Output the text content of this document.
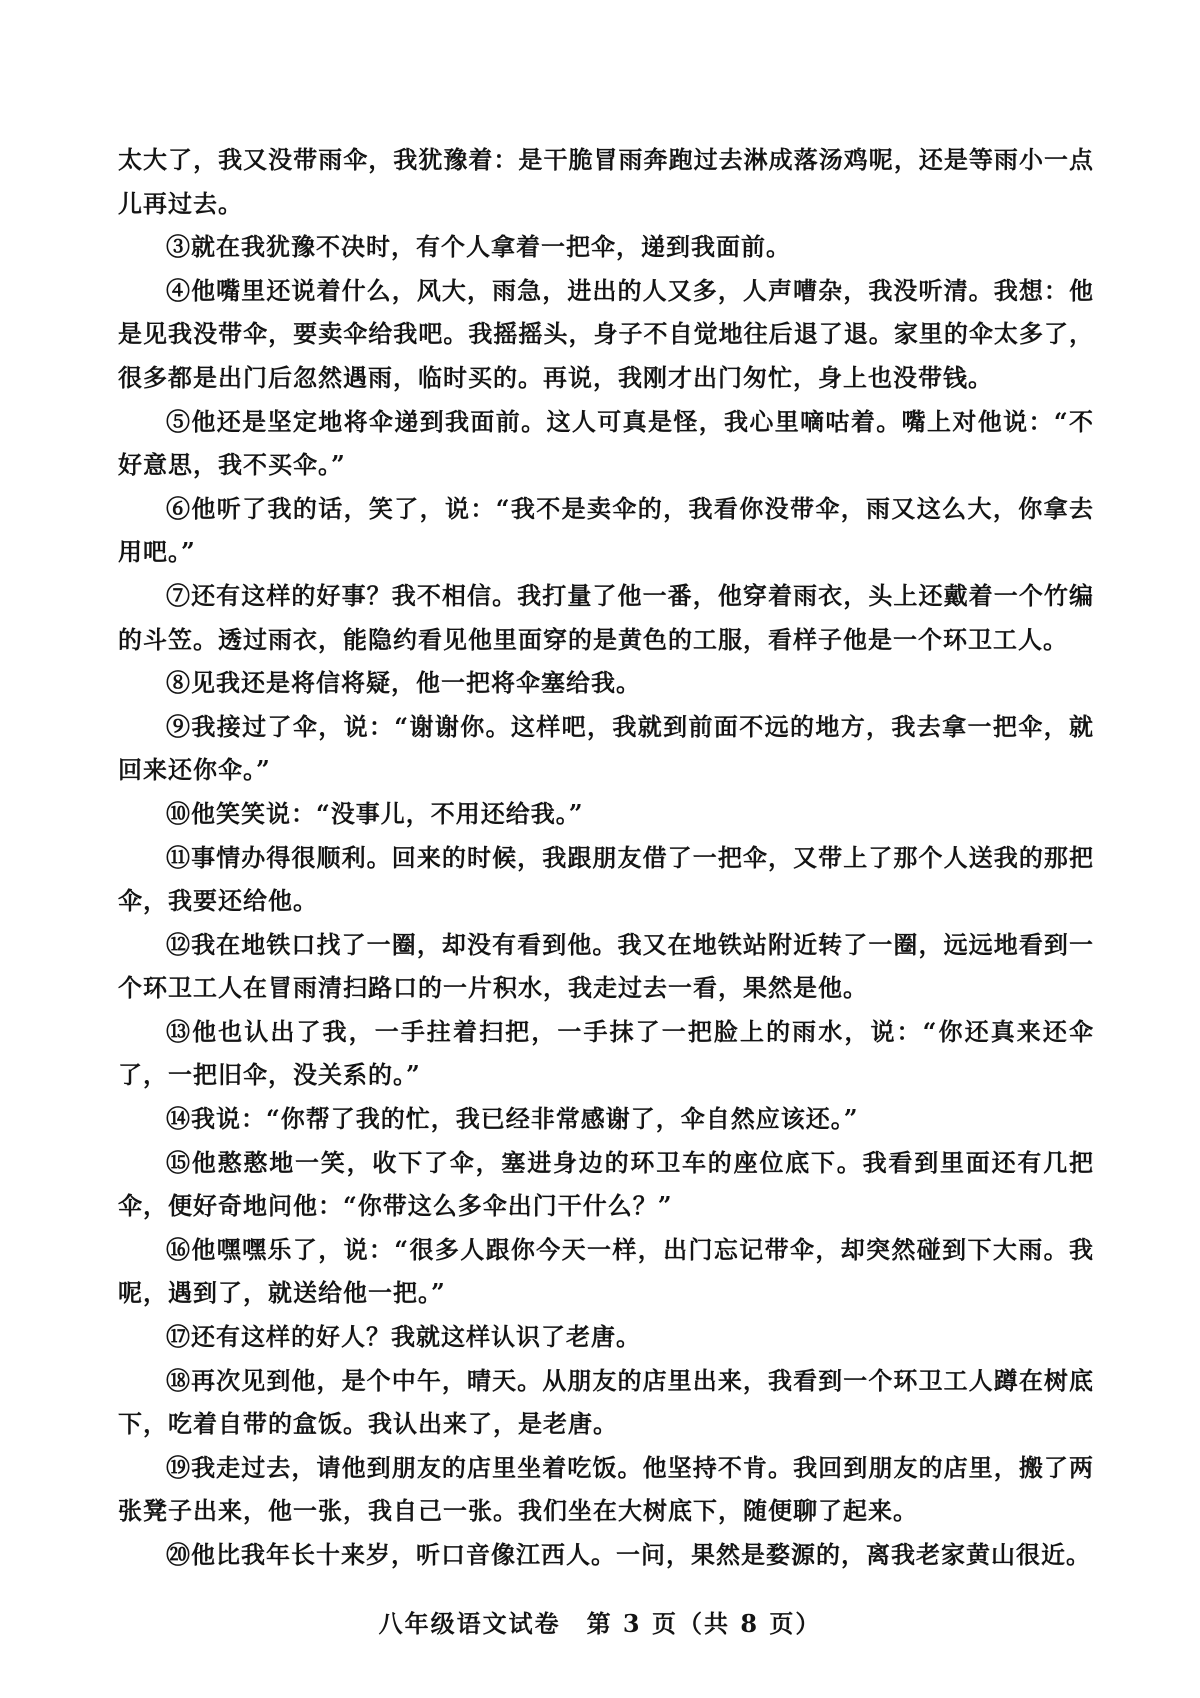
太大了，我又没带雨伞，我犹豫着：是干脆冒雨奔跑过去淋成落汤鸡呢，还是等雨小一点儿再过去。

③就在我犹豫不决时，有个人拿着一把伞，递到我面前。

④他嘴里还说着什么，风大，雨急，进出的人又多，人声嘈杂，我没听清。我想：他是见我没带伞，要卖伞给我吧。我摇摇头，身子不自觉地往后退了退。家里的伞太多了，很多都是出门后忽然遇雨，临时买的。再说，我刚才出门匆忙，身上也没带钱。

⑤他还是坚定地将伞递到我面前。这人可真是怪，我心里嘀咕着。嘴上对他说：“不好意思，我不买伞。”

⑥他听了我的话，笑了，说：“我不是卖伞的，我看你没带伞，雨又这么大，你拿去用吧。”

⑦还有这样的好事？我不相信。我打量了他一番，他穿着雨衣，头上还戴着一个竹编的斗笠。透过雨衣，能隐约看见他里面穿的是黄色的工服，看样子他是一个环卫工人。

⑧见我还是将信将疑，他一把将伞塞给我。

⑨我接过了伞，说：“谢谢你。这样吧，我就到前面不远的地方，我去拿一把伞，就回来还你伞。”

⑩他笑笑说：“没事儿，不用还给我。”

⑪事情办得很顺利。回来的时候，我跟朋友借了一把伞，又带上了那个人送我的那把伞，我要还给他。

⑫我在地铁口找了一圈，却没有看到他。我又在地铁站附近转了一圈，远远地看到一个环卫工人在冒雨清扫路口的一片积水，我走过去一看，果然是他。

⑬他也认出了我，一手拄着扫把，一手抹了一把脸上的雨水，说：“你还真来还伞了，一把旧伞，没关系的。”

⑭我说：“你帮了我的忙，我已经非常感谢了，伞自然应该还。”

⑮他憨憨地一笑，收下了伞，塞进身边的环卫车的座位底下。我看到里面还有几把伞，便好奇地问他：“你带这么多伞出门干什么？”

⑯他嘿嘿乐了，说：“很多人跟你今天一样，出门忘记带伞，却突然碰到下大雨。我呢，遇到了，就送给他一把。”

⑰还有这样的好人？我就这样认识了老唐。

⑱再次见到他，是个中午，晴天。从朋友的店里出来，我看到一个环卫工人蹲在树底下，吃着自带的盒饭。我认出来了，是老唐。

⑲我走过去，请他到朋友的店里坐着吃饭。他坚持不肯。我回到朋友的店里，搬了两张凳子出来，他一张，我自己一张。我们坐在大树底下，随便聊了起来。

⑳他比我年长十来岁，听口音像江西人。一问，果然是婺源的，离我老家黄山很近。

八年级语文试卷　第 3 页（共 8 页）
